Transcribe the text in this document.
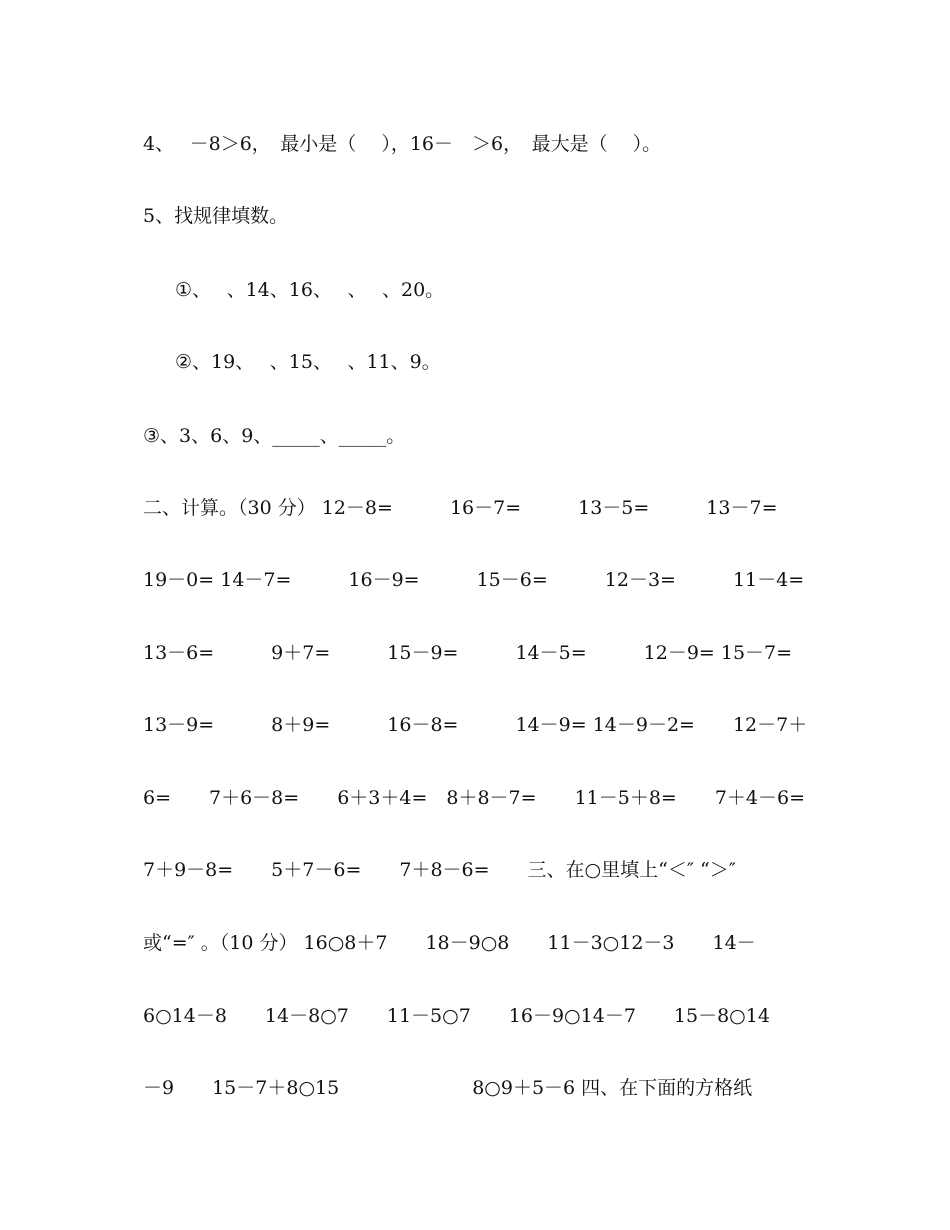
4、　 －8＞6，　最小是（　 ），16－　＞6，　最大是（　 ）。
5、找规律填数。
①、　 、14、16、　 、　 、20。
②、19、　 、15、　 、11、9。
③、3、6、9、_____、_____。
二、计算。（30 分） 12－8=　　　16－7=　　　13－5=　　　13－7=
19－0= 14－7=　　　16－9=　　　15－6=　　　12－3=　　　11－4=
13－6=　　　9＋7=　　　15－9=　　　14－5=　　　12－9= 15－7=
13－9=　　　8＋9=　　　16－8=　　　14－9= 14－9－2=　　12－7＋
6=　　7＋6－8=　　6＋3＋4=　8＋8－7=　　11－5＋8=　　7＋4－6=
7＋9－8=　　5＋7－6=　　7＋8－6=　　三、在○里填上“＜″ “＞″
或“=″ 。（10 分） 16○8＋7　　18－9○8　　11－3○12－3　　14－
6○14－8　　14－8○7　　11－5○7　　16－9○14－7　　15－8○14
－9　　15－7＋8○15　　　　　　　8○9＋5－6 四、在下面的方格纸
